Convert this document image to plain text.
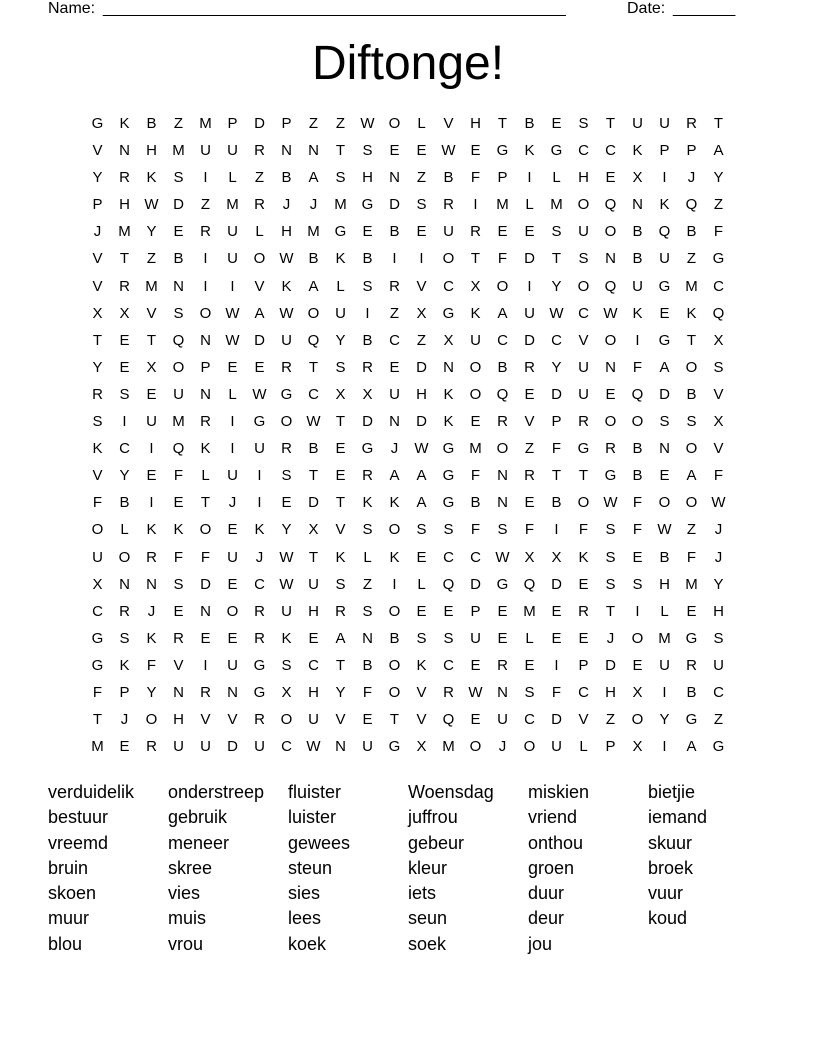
Name: ____________________________________________________	Date: _______
Diftonge!
G	K	B	Z	M	P	D	P	Z	Z	W O	L	V	H	T	B	E	S	T	U	U	R	T
V	N	H	M	U	U	R	N	N	T	S	E	E W E	G	K	G	C	C	K	P	P	A
Y	R	K	S	I	L	Z	B	A	S	H	N	Z	B	F	P	I	L	H	E	X	I	J	Y
P	H W D	Z	M	R	J	J	M G	D	S	R	I	M	L	M O	Q	N	K	Q	Z
J	M	Y	E	R	U	L	H	M G	E	B	E	U	R	E	E	S	U	O	B	Q	B	F
V	T	Z	B	I	U	O W B	K	B	I	I	O	T	F	D	T	S	N	B	U	Z	G
V	R	M	N	I	I	V	K	A	L	S	R	V	C	X	O	I	Y	O	Q	U	G M	C
X	X	V	S	O W A W O	U	I	Z	X	G	K	A	U W C W K	E	K	Q
T	E	T	Q	N W D	U	Q	Y	B	C	Z	X	U	C	D	C	V	O	I	G	T	X
Y	E	X	O	P	E	E	R	T	S	R	E	D	N	O	B	R	Y	U	N	F	A	O	S
R	S	E	U	N	L	W G	C	X	X	U	H	K	O	Q	E	D	U	E	Q	D	B	V
S	I	U	M	R	I	G	O W	T	D	N	D	K	E	R	V	P	R	O	O	S	S	X
K	C	I	Q	K	I	U	R	B	E	G	J	W G M O	Z	F	G	R	B	N	O	V
V	Y	E	F	L	U	I	S	T	E	R	A	A	G	F	N	R	T	T	G	B	E	A	F
F	B	I	E	T	J	I	E	D	T	K	K	A	G	B	N	E	B	O W	F	O	O W
O	L	K	K	O	E	K	Y	X	V	S	O	S	S	F	S	F	I	F	S	F	W	Z	J
U	O	R	F	F	U	J	W	T	K	L	K	E	C	C W X	X	K	S	E	B	F	J
X	N	N	S	D	E	C W U	S	Z	I	L	Q	D	G	Q	D	E	S	S	H	M	Y
C	R	J	E	N	O	R	U	H	R	S	O	E	E	P	E	M	E	R	T	I	L	E	H
G	S	K	R	E	E	R	K	E	A	N	B	S	S	U	E	L	E	E	J	O M G	S
G	K	F	V	I	U	G	S	C	T	B	O	K	C	E	R	E	I	P	D	E	U	R	U
F	P	Y	N	R	N	G	X	H	Y	F	O	V	R W N	S	F	C	H	X	I	B	C
T	J	O	H	V	V	R	O	U	V	E	T	V	Q	E	U	C	D	V	Z	O	Y	G	Z
M	E	R	U	U	D	U	C W N	U	G	X	M O	J	O	U	L	P	X	I	A	G
verduidelik	onderstreep	fluister	Woensdag	miskien	bietjie
bestuur	gebruik	luister	juffrou	vriend	iemand
vreemd	meneer	gewees	gebeur	onthou	skuur
bruin	skree	steun	kleur	groen	broek
skoen	vies	sies	iets	duur	vuur
muur	muis	lees	seun	deur	koud
blou	vrou	koek	soek	jou
